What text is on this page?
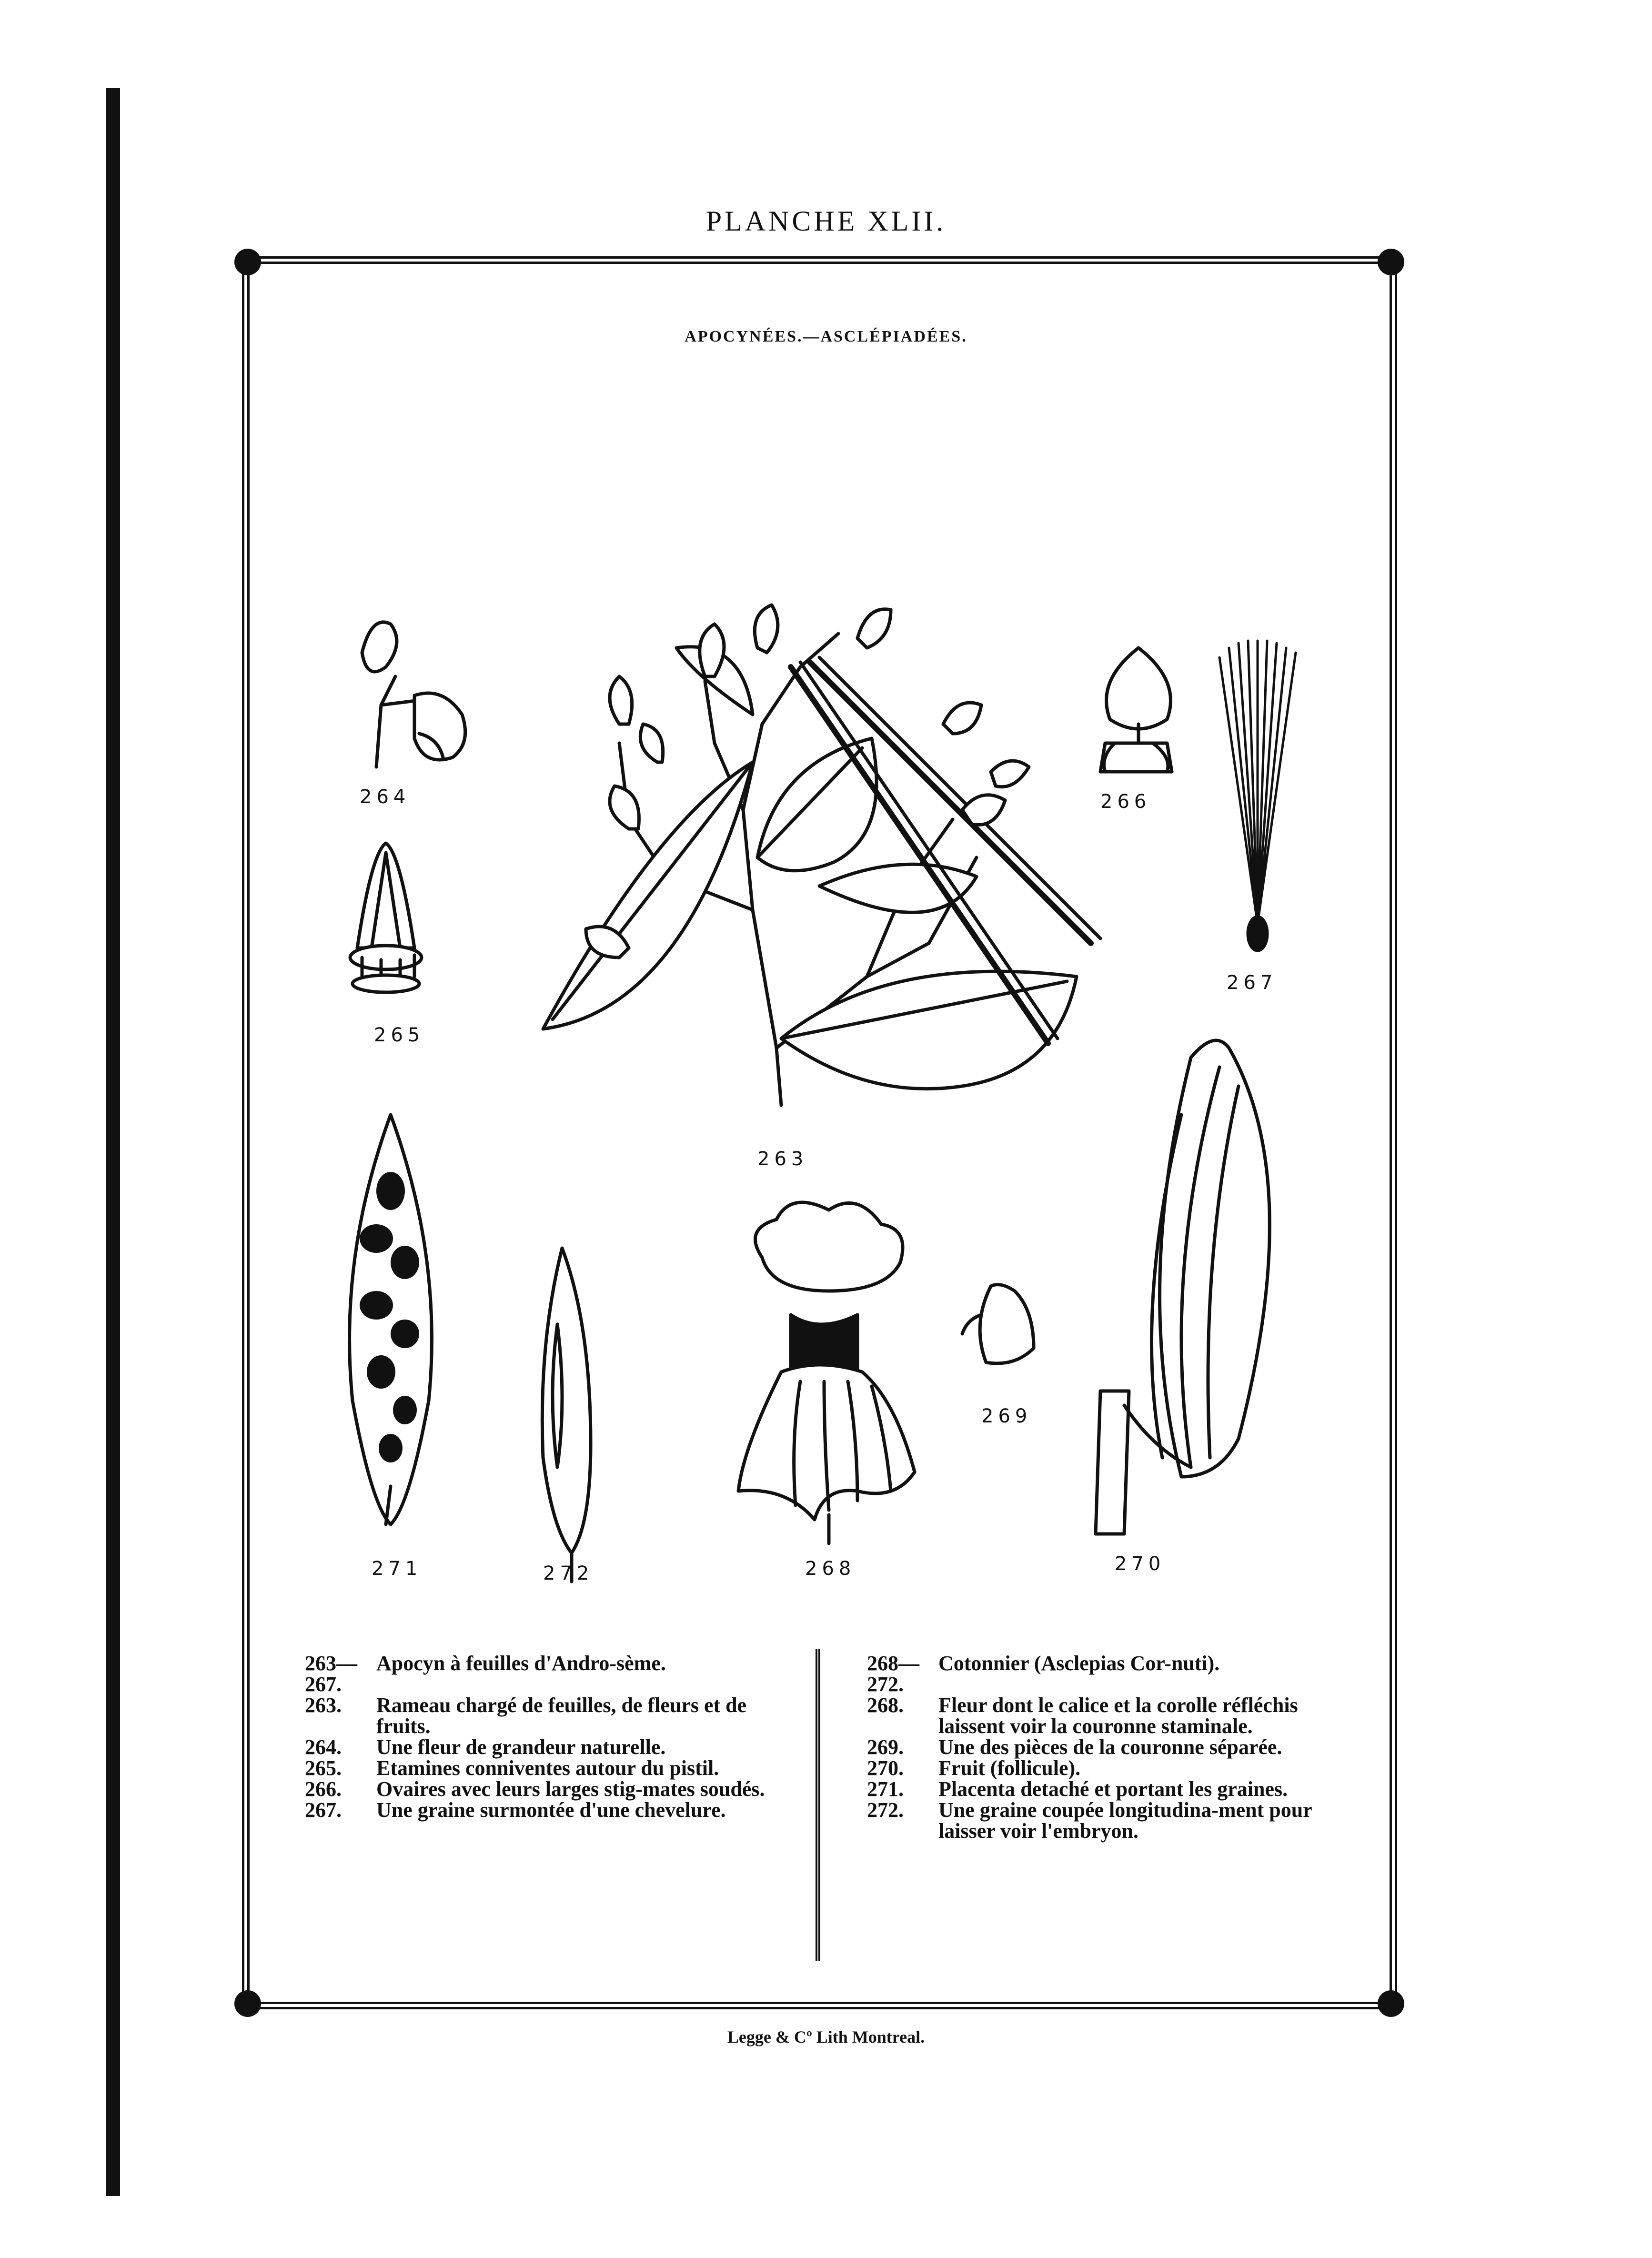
PLANCHE XLII.
APOCYNÉES.—ASCLÉPIADÉES.
264
265
263
266
267
271	272	268
269
270
263—267.
Apocyn à feuilles d'Andro-sème.
263.	Rameau chargé de feuilles, de fleurs et de fruits.
264.	Une fleur de grandeur naturelle.
265.	Etamines conniventes autour du pistil.
266.	Ovaires avec leurs larges stig-mates soudés.
267.	Une graine surmontée d'une chevelure.
268—272.
Cotonnier (Asclepias Cor-nuti).
268.	Fleur dont le calice et la corolle réfléchis laissent voir la couronne staminale.
269.	Une des pièces de la couronne séparée.
270.	Fruit (follicule).
271.	Placenta detaché et portant les graines.
272.	Une graine coupée longitudina-ment pour laisser voir l'embryon.
Legge & Cº Lith Montreal.
